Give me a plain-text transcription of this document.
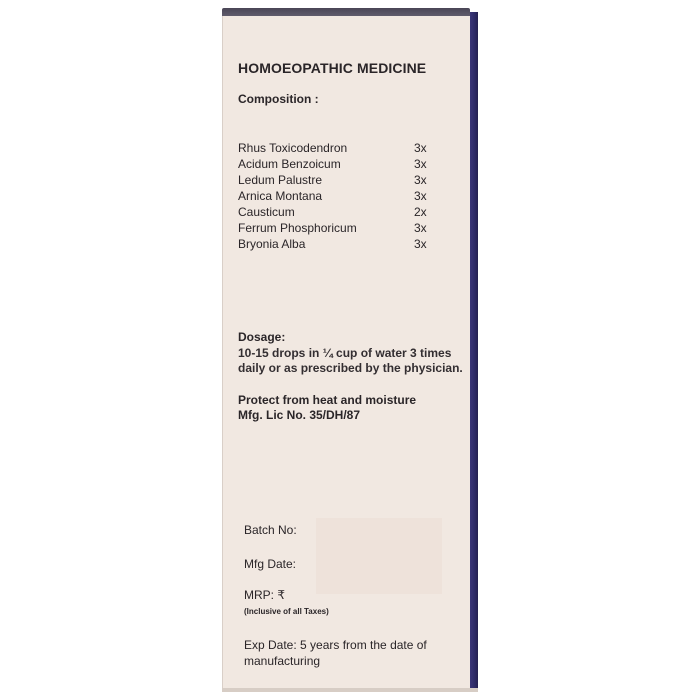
HOMOEOPATHIC MEDICINE
Composition :
Rhus Toxicodendron	3x
Acidum Benzoicum	3x
Ledum Palustre	3x
Arnica Montana	3x
Causticum	2x
Ferrum Phosphoricum	3x
Bryonia Alba	3x
Dosage:
10-15 drops in ¼ cup of water 3 times
daily or as prescribed by the physician.
Protect from heat and moisture
Mfg. Lic No. 35/DH/87
Batch No:
Mfg Date:
MRP: ₹
(Inclusive of all Taxes)
Exp Date: 5 years from the date of
manufacturing
